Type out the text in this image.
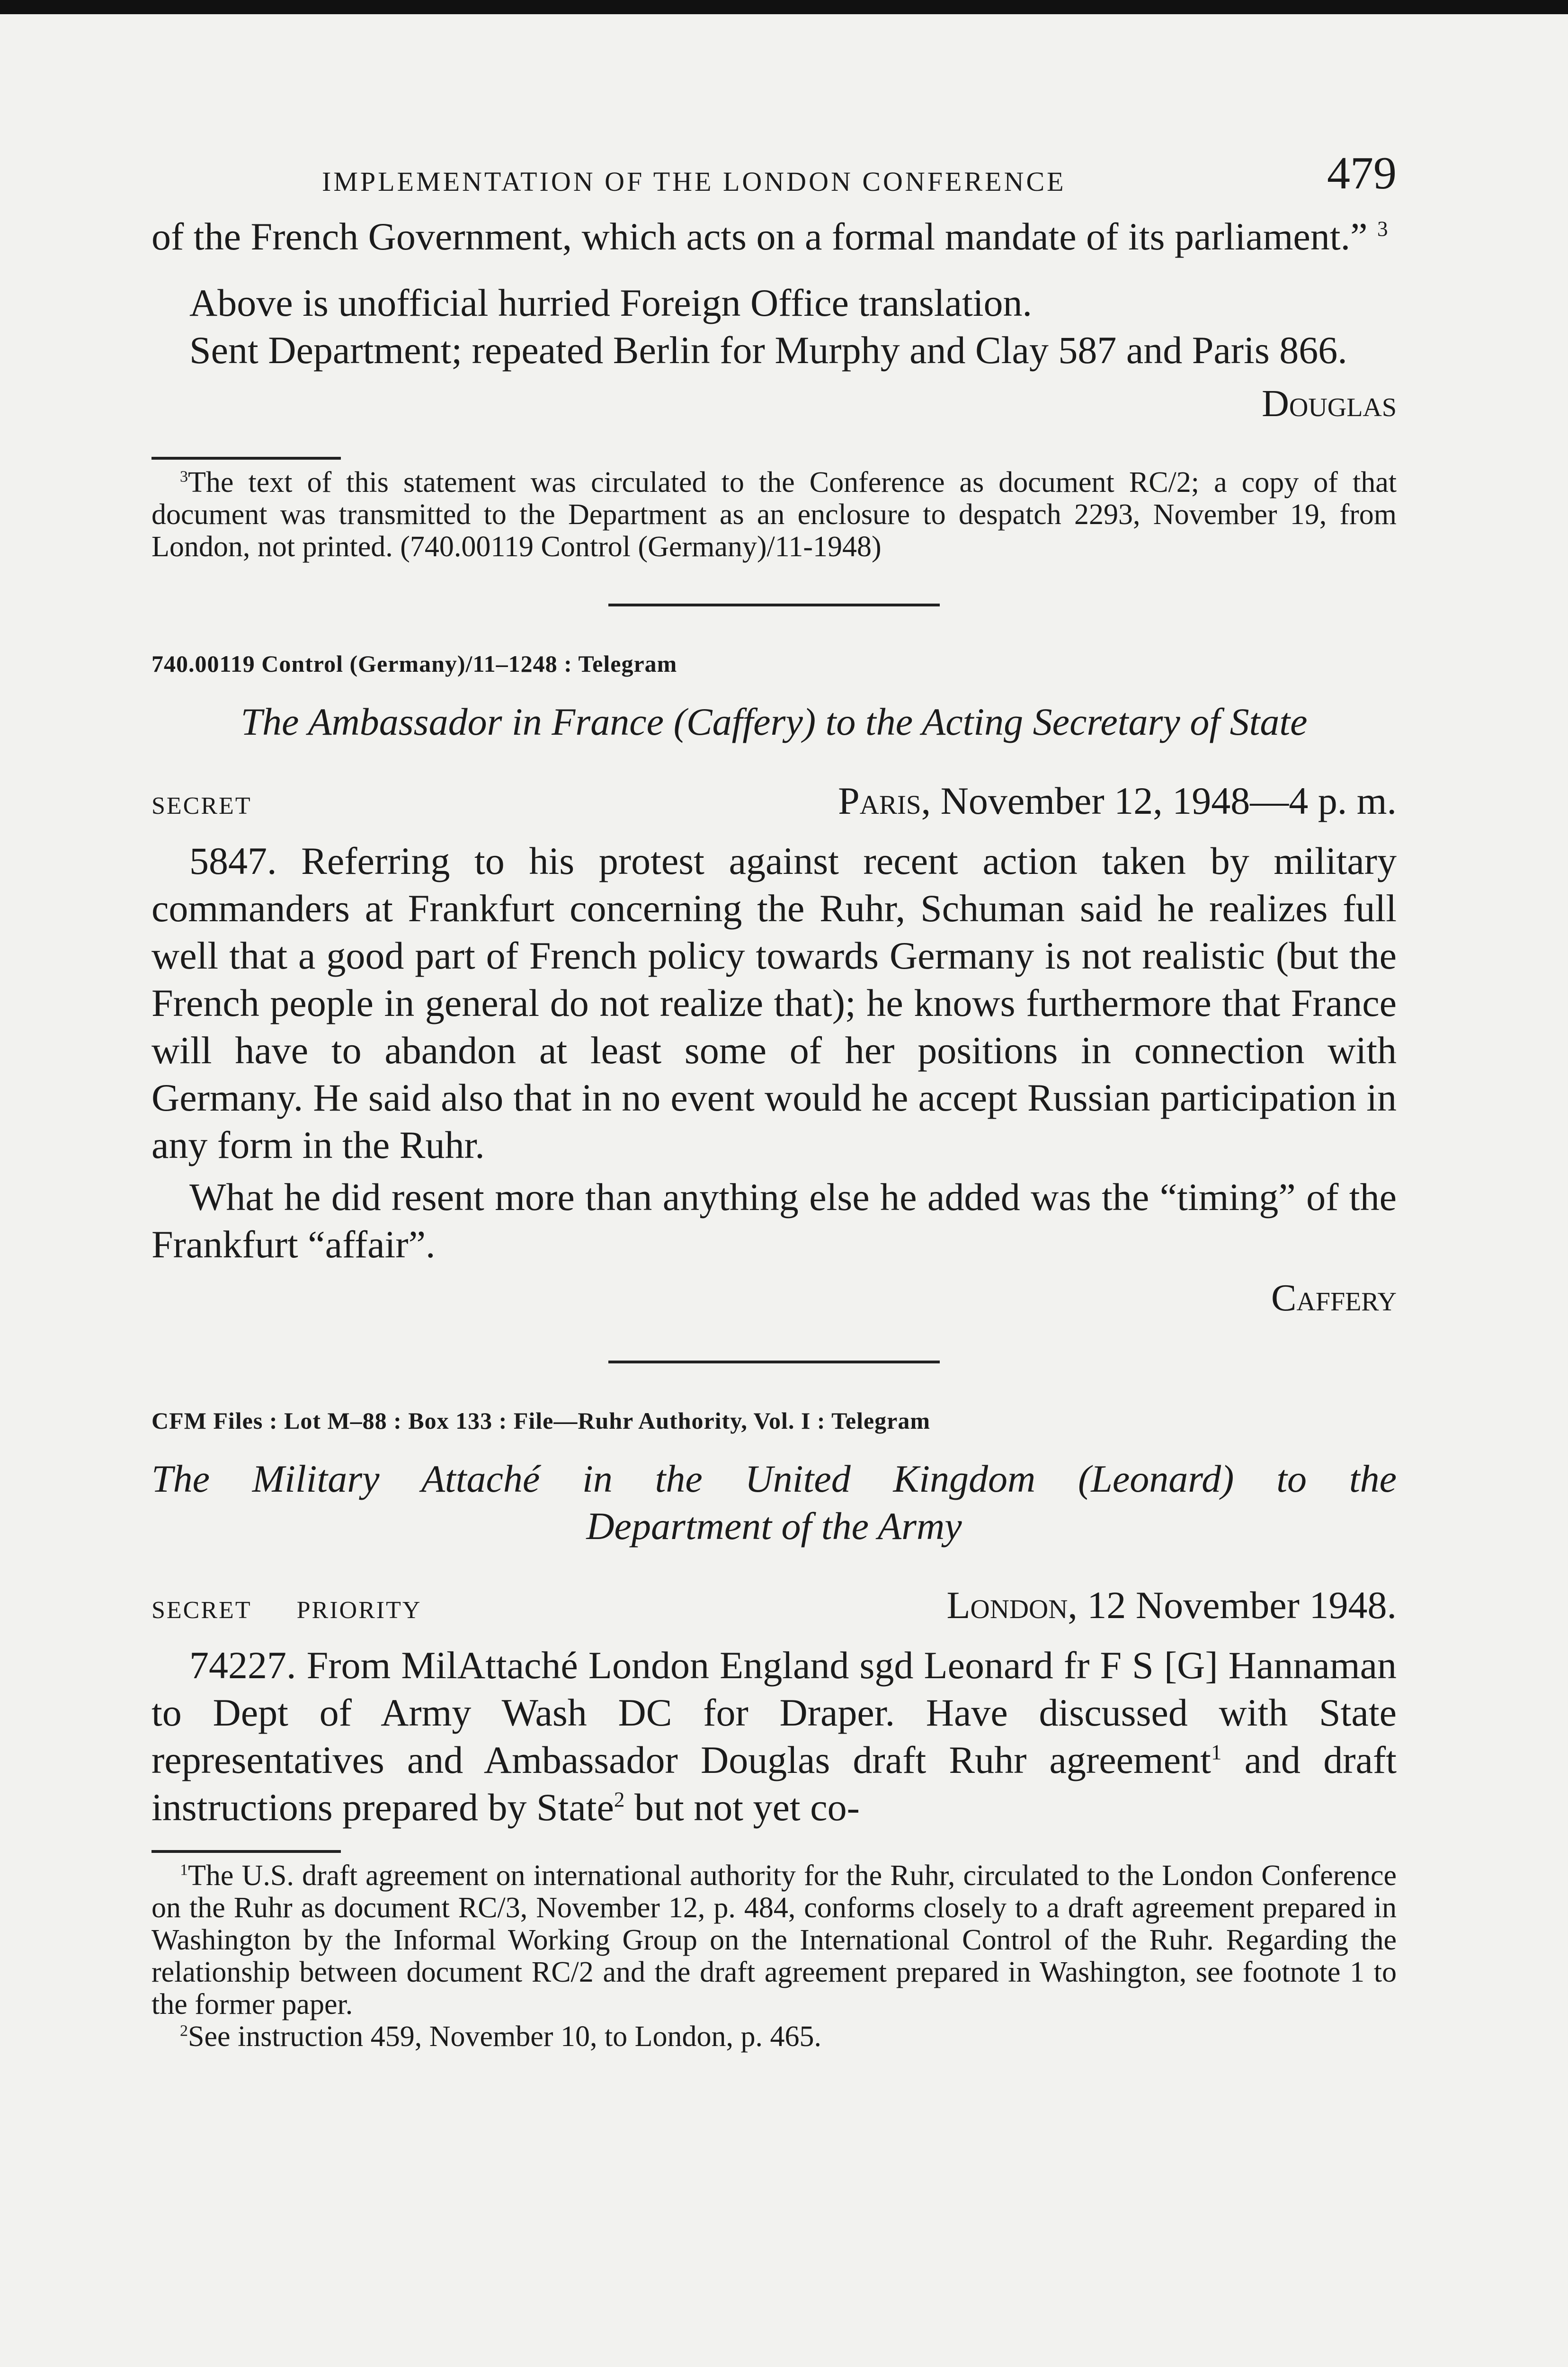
IMPLEMENTATION OF THE LONDON CONFERENCE	479

of the French Government, which acts on a formal mandate of its parliament.” $^3$

Above is unofficial hurried Foreign Office translation.

Sent Department; repeated Berlin for Murphy and Clay 587 and Paris 866.

Douglas

$^3$The text of this statement was circulated to the Conference as document RC/2; a copy of that document was transmitted to the Department as an enclosure to despatch 2293, November 19, from London, not printed. (740.00119 Control (Germany)/11-1948)

740.00119 Control (Germany)/11–1248 : Telegram

The Ambassador in France (Caffery) to the Acting Secretary of State

SECRET	Paris, November 12, 1948—4 p. m.

5847. Referring to his protest against recent action taken by military commanders at Frankfurt concerning the Ruhr, Schuman said he realizes full well that a good part of French policy towards Germany is not realistic (but the French people in general do not realize that); he knows furthermore that France will have to abandon at least some of her positions in connection with Germany. He said also that in no event would he accept Russian participation in any form in the Ruhr.

What he did resent more than anything else he added was the “timing” of the Frankfurt “affair”.

Caffery

CFM Files : Lot M–88 : Box 133 : File—Ruhr Authority, Vol. I : Telegram

The Military Attaché in the United Kingdom (Leonard) to the

Department of the Army

SECRET      PRIORITY	London, 12 November 1948.

74227. From MilAttaché London England sgd Leonard fr F S [G] Hannaman to Dept of Army Wash DC for Draper. Have discussed with State representatives and Ambassador Douglas draft Ruhr agreement$^1$ and draft instructions prepared by State$^2$ but not yet co-

$^1$The U.S. draft agreement on international authority for the Ruhr, circulated to the London Conference on the Ruhr as document RC/3, November 12, p. 484, conforms closely to a draft agreement prepared in Washington by the Informal Working Group on the International Control of the Ruhr. Regarding the relationship between document RC/2 and the draft agreement prepared in Washington, see footnote 1 to the former paper.

$^2$See instruction 459, November 10, to London, p. 465.
